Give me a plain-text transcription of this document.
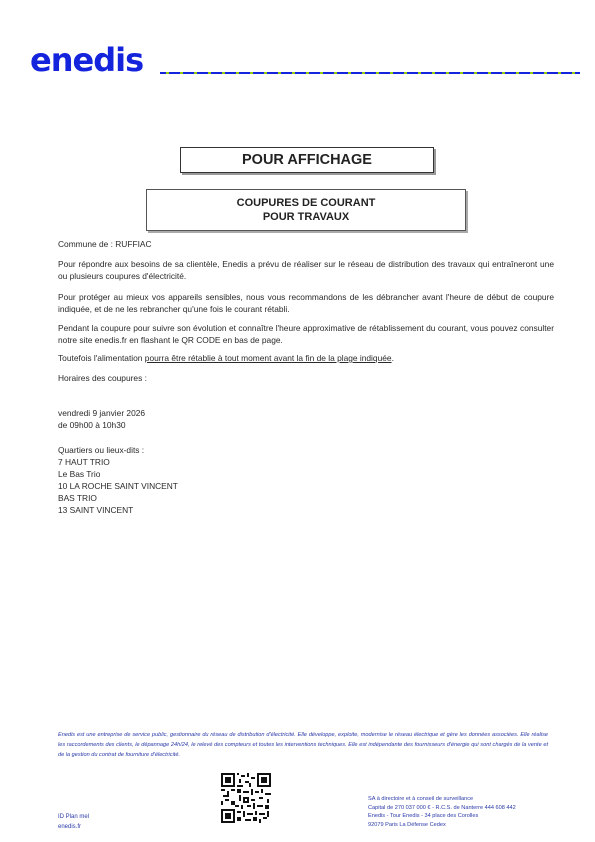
enedis
POUR AFFICHAGE
COUPURES DE COURANT
POUR TRAVAUX
Commune de : RUFFIAC
Pour répondre aux besoins de sa clientèle, Enedis a prévu de réaliser sur le réseau de distribution des travaux qui entraîneront une ou plusieurs coupures d'électricité.
Pour protéger au mieux vos appareils sensibles, nous vous recommandons de les débrancher avant l'heure de début de coupure indiquée, et de ne les rebrancher qu'une fois le courant rétabli.
Pendant la coupure pour suivre son évolution et connaître l'heure approximative de rétablissement du courant, vous pouvez consulter notre site enedis.fr en flashant le QR CODE en bas de page.
Toutefois l'alimentation pourra être rétablie à tout moment avant la fin de la plage indiquée.
Horaires des coupures :
vendredi 9 janvier 2026
de 09h00 à 10h30
Quartiers ou lieux-dits :
7 HAUT TRIO
Le Bas Trio
10 LA ROCHE SAINT VINCENT
BAS TRIO
13 SAINT VINCENT
Enedis est une entreprise de service public, gestionnaire du réseau de distribution d'électricité. Elle développe, exploite, modernise le réseau électrique et gère les données associées. Elle réalise les raccordements des clients, le dépannage 24h/24, le relevé des compteurs et toutes les interventions techniques. Elle est indépendante des fournisseurs d'énergie qui sont chargés de la vente et de la gestion du contrat de fourniture d'électricité.
ID Plan mel
enedis.fr
SA à directoire et à conseil de surveillance
Capital de 270 037 000 € - R.C.S. de Nanterre 444 608 442
Enedis - Tour Enedis - 34 place des Corolles
92079 Paris La Défense Cedex
